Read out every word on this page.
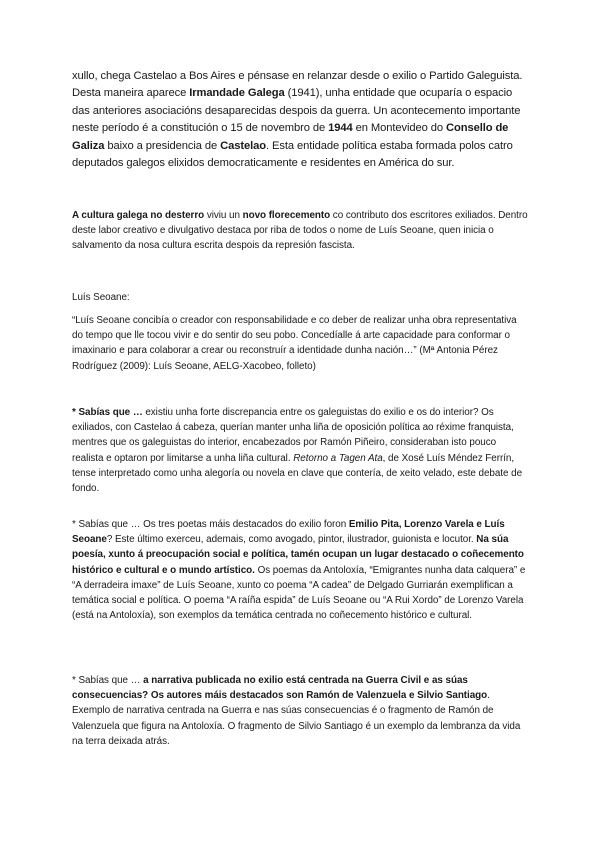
xullo, chega Castelao a Bos Aires e pénsase en relanzar desde o exilio o Partido Galeguista. Desta maneira aparece Irmandade Galega (1941), unha entidade que ocuparía o espacio das anteriores asociacións desaparecidas despois da guerra. Un acontecemento importante neste período é a constitución o 15 de novembro de 1944 en Montevideo do Consello de Galiza baixo a presidencia de Castelao. Esta entidade política estaba formada polos catro deputados galegos elixidos democraticamente e residentes en América do sur.

A cultura galega no desterro viviu un novo florecemento co contributo dos escritores exiliados. Dentro deste labor creativo e divulgativo destaca por riba de todos o nome de Luís Seoane, quen inicia o salvamento da nosa cultura escrita despois da represión fascista.

Luís Seoane:

“Luís Seoane concibía o creador con responsabilidade e co deber de realizar unha obra representativa do tempo que lle tocou vivir e do sentir do seu pobo. Concedíalle á arte capacidade para conformar o imaxinario e para colaborar a crear ou reconstruír a identidade dunha nación…” (Mª Antonia Pérez Rodríguez (2009): Luís Seoane, AELG-Xacobeo, folleto)

* Sabías que … existiu unha forte discrepancia entre os galeguistas do exilio e os do interior? Os exiliados, con Castelao á cabeza, querían manter unha liña de oposición política ao réxime franquista, mentres que os galeguistas do interior, encabezados por Ramón Piñeiro, consideraban isto pouco realista e optaron por limitarse a unha liña cultural. Retorno a Tagen Ata, de Xosé Luís Méndez Ferrín, tense interpretado como unha alegoría ou novela en clave que contería, de xeito velado, este debate de fondo.

* Sabías que … Os tres poetas máis destacados do exilio foron Emilio Pita, Lorenzo Varela e Luís Seoane? Este último exerceu, ademais, como avogado, pintor, ilustrador, guionista e locutor. Na súa poesía, xunto á preocupación social e política, tamén ocupan un lugar destacado o coñecemento histórico e cultural e o mundo artístico. Os poemas da Antoloxía, “Emigrantes nunha data calquera” e “A derradeira imaxe” de Luís Seoane, xunto co poema “A cadea” de Delgado Gurriarán exemplifican a temática social e política. O poema “A raíña espida” de Luís Seoane ou “A Rui Xordo” de Lorenzo Varela (está na Antoloxía), son exemplos da temática centrada no coñecemento histórico e cultural.

* Sabías que … a narrativa publicada no exilio está centrada na Guerra Civil e as súas consecuencias? Os autores máis destacados son Ramón de Valenzuela e Silvio Santiago. Exemplo de narrativa centrada na Guerra e nas súas consecuencias é o fragmento de Ramón de Valenzuela que figura na Antoloxía. O fragmento de Silvio Santiago é un exemplo da lembranza da vida na terra deixada atrás.
